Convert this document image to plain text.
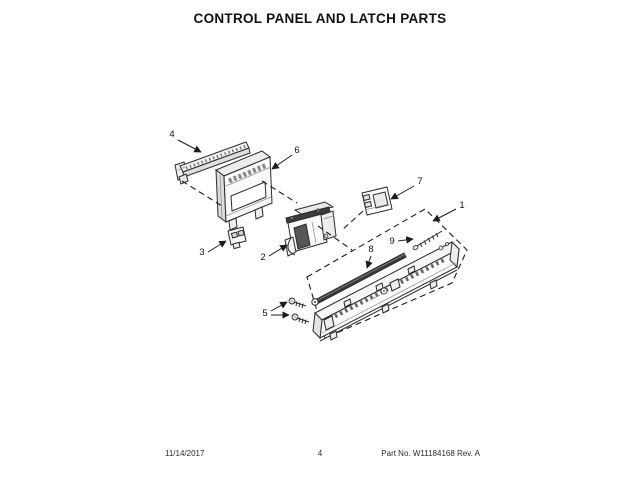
CONTROL PANEL AND LATCH PARTS
1
2
3
4
5
6
7
8
9
11/14/2017	4	Part No. W11184168 Rev. A
